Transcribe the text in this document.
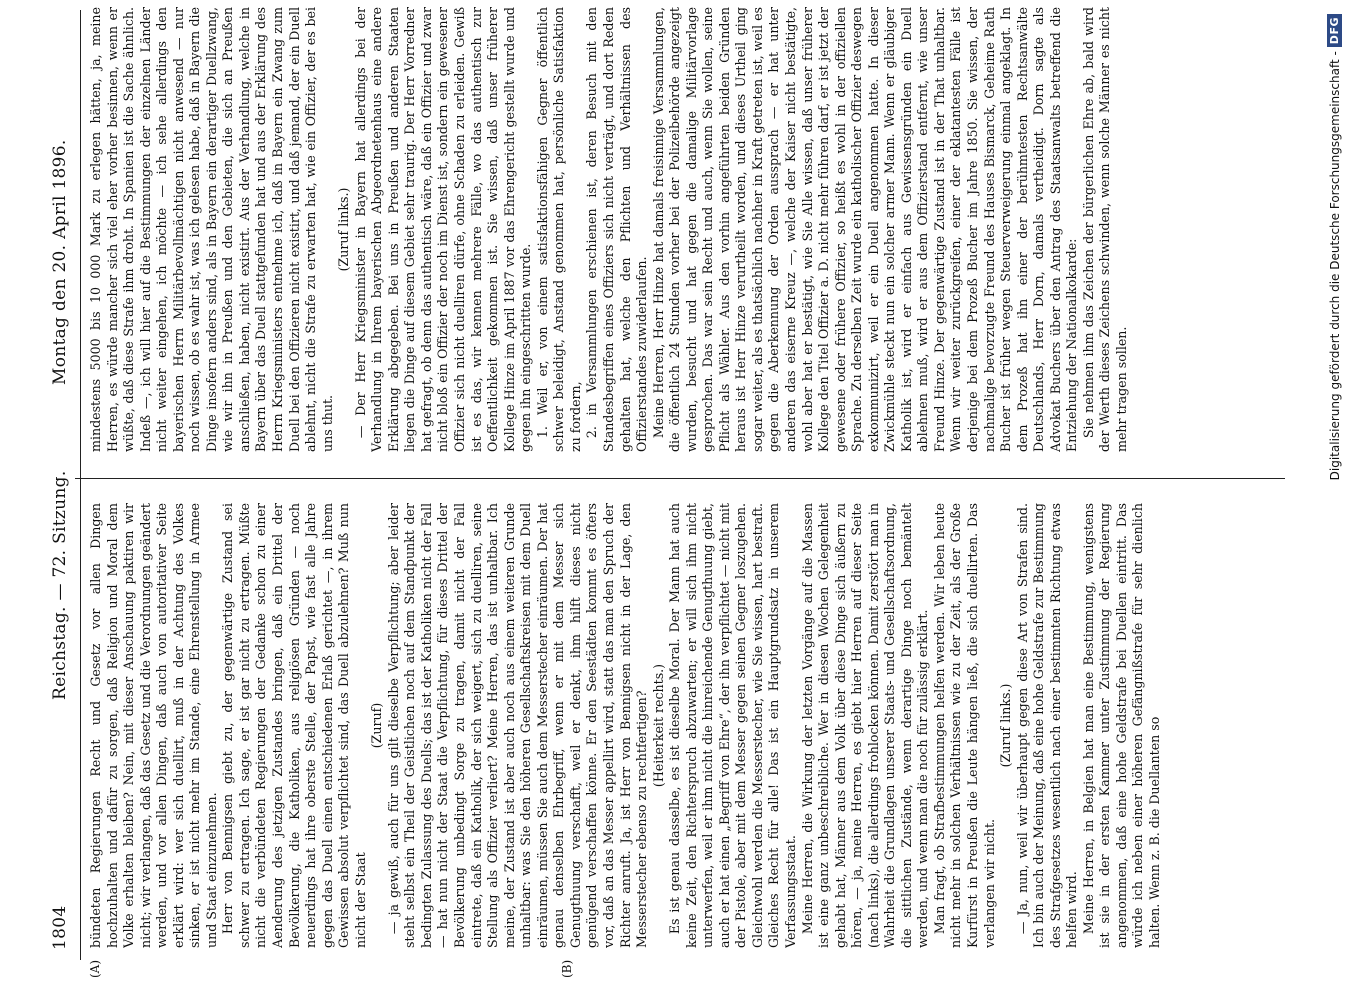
1804
Reichstag. — 72. Sitzung.
Montag den 20. April 1896.
(A)	(B)

bündeten Regierungen Recht und Gesetz vor allen Dingen hochzuhalten und dafür zu sorgen, daß Religion und Moral dem Volke erhalten bleiben? Nein, mit dieser Anschauung paktiren wir nicht; wir verlangen, daß das Gesetz und die Verordnungen geändert werden, und vor allen Dingen, daß auch von autoritativer Seite erklärt wird: wer sich duellirt, muß in der Achtung des Volkes sinken, er ist nicht mehr im Stande, eine Ehrenstellung in Armee und Staat einzunehmen. Herr von Bennigsen giebt zu, der gegenwärtige Zustand sei schwer zu ertragen. Ich sage, er ist gar nicht zu ertragen. Müßte nicht die verbündeten Regierungen der Gedanke schon zu einer Aenderung des jetzigen Zustandes bringen, daß ein Drittel der Bevölkerung, die Katholiken, aus religiösen Gründen — noch neuerdings hat ihre oberste Stelle, der Papst, wie fast alle Jahre gegen das Duell einen entschiedenen Erlaß gerichtet —, in ihrem Gewissen absolut verpflichtet sind, das Duell abzulehnen? Muß nun nicht der Staat

(Zuruf) — ja gewiß, auch für uns gilt dieselbe Verpflichtung; aber leider steht selbst ein Theil der Geistlichen noch auf dem Standpunkt der bedingten Zulassung des Duells; das ist der Katholiken nicht der Fall — hat nun nicht der Staat die Verpflichtung, für dieses Drittel der Bevölkerung unbedingt Sorge zu tragen, damit nicht der Fall eintrete, daß ein Katholik, der sich weigert, sich zu duelliren, seine Stellung als Offizier verliert? Meine Herren, das ist unhaltbar. Ich meine, der Zustand ist aber auch noch aus einem weiteren Grunde unhaltbar: was Sie den höheren Gesellschaftskreisen mit dem Duell einräumen, müssen Sie auch dem Messerstecher einräumen. Der hat genau denselben Ehrbegriff, wenn er mit dem Messer sich Genugthuung verschafft, weil er denkt, ihm hilft dieses nicht genügend verschaffen könne. Er den Seestädten kommt es öfters vor, daß an das Messer appellirt wird, statt das man den Spruch der Richter anruft. Ja, ist Herr von Bennigsen nicht in der Lage, den Messerstecher ebenso zu rechtfertigen? (Heiterkeit rechts.) Es ist genau dasselbe, es ist dieselbe Moral. Der Mann hat auch keine Zeit, den Richterspruch abzuwarten; er will sich ihm nicht unterwerfen, weil er ihm nicht die hinreichende Genugthuung giebt, auch er hat einen „Begriff von Ehre“, der ihn verpflichtet — nicht mit der Pistole, aber mit dem Messer gegen seinen Gegner loszugehen. Gleichwohl werden die Messerstecher, wie Sie wissen, hart bestraft. Gleiches Recht für alle! Das ist ein Hauptgrundsatz in unserem Verfassungsstaat. Meine Herren, die Wirkung der letzten Vorgänge auf die Massen ist eine ganz unbeschreibliche. Wer in diesen Wochen Gelegenheit gehabt hat, Männer aus dem Volk über diese Dinge sich äußern zu hören, — ja, meine Herren, es giebt hier Herren auf dieser Seite (nach links), die allerdings frohlocken können. Damit zerstört man in Wahrheit die Grundlagen unserer Staats- und Gesellschaftsordnung, die sittlichen Zustände, wenn derartige Dinge noch bemäntelt werden, und wenn man die noch für zulässig erklärt. Man fragt, ob Strafbestimmungen helfen werden. Wir leben heute nicht mehr in solchen Verhältnissen wie zu der Zeit, als der Große Kurfürst in Preußen die Leute hängen ließ, die sich duellirten. Das verlangen wir nicht.

(Zuruf links.) — Ja, nun, weil wir überhaupt gegen diese Art von Strafen sind. Ich bin auch der Meinung, daß eine hohe Geldstrafe zur Bestimmung des Strafgesetzes wesentlich nach einer bestimmten Richtung etwas helfen wird. Meine Herren, in Belgien hat man eine Bestimmung, wenigstens ist sie in der ersten Kammer unter Zustimmung der Regierung angenommen, daß eine hohe Geldstrafe bei Duellen eintritt. Das würde ich neben einer höheren Gefängnißstrafe für sehr dienlich halten. Wenn z. B. die Duellanten so

mindestens 5000 bis 10 000 Mark zu erlegen hätten, ja, meine Herren, es würde mancher sich viel eher vorher besinnen, wenn er wüßte, daß diese Strafe ihm droht. In Spanien ist die Sache ähnlich. Indeß —, ich will hier auf die Bestimmungen der einzelnen Länder nicht weiter eingehen, ich möchte — ich sehe allerdings den bayerischen Herrn Militärbevollmächtigen nicht anwesend — nur noch wissen, ob es wahr ist, was ich gelesen habe, daß in Bayern die Dinge insofern anders sind, als in Bayern ein derartiger Duellzwang, wie wir ihn in Preußen und den Gebieten, die sich an Preußen anschließen, haben, nicht existirt. Aus der Verhandlung, welche in Bayern über das Duell stattgefunden hat und aus der Erklärung des Herrn Kriegsministers entnehme ich, daß in Bayern ein Zwang zum Duell bei den Offizieren nicht existirt, und daß jemand, der ein Duell ablehnt, nicht die Strafe zu erwarten hat, wie ein Offizier, der es bei uns thut.

(Zuruf links.) — Der Herr Kriegsminister in Bayern hat allerdings bei der Verhandlung in Ihrem bayerischen Abgeordnetenhaus eine andere Erklärung abgegeben. Bei uns in Preußen und anderen Staaten liegen die Dinge auf diesem Gebiet sehr traurig. Der Herr Vorredner hat gefragt, ob denn das authentisch wäre, daß ein Offizier und zwar nicht bloß ein Offizier der noch im Dienst ist, sondern ein gewesener Offizier sich nicht duelliren dürfe, ohne Schaden zu erleiden. Gewiß ist es das, wir kennen mehrere Fälle, wo das authentisch zur Oeffentlichkeit gekommen ist. Sie wissen, daß unser früherer Kollege Hinze im April 1887 vor das Ehrengericht gestellt wurde und gegen ihn eingeschritten wurde. 1. Weil er, von einem satisfaktionsfähigen Gegner öffentlich schwer beleidigt, Anstand genommen hat, persönliche Satisfaktion zu fordern, 2. in Versammlungen erschienen ist, deren Besuch mit den Standesbegriffen eines Offiziers sich nicht verträgt, und dort Reden gehalten hat, welche den Pflichten und Verhältnissen des Offizierstandes zuwiderlaufen. Meine Herren, Herr Hinze hat damals freisinnige Versammlungen, die öffentlich 24 Stunden vorher bei der Polizeibehörde angezeigt wurden, besucht und hat gegen die damalige Militärvorlage gesprochen. Das war sein Recht und auch, wenn Sie wollen, seine Pflicht als Wähler. Aus den vorhin angeführten beiden Gründen heraus ist Herr Hinze verurtheilt worden, und dieses Urtheil ging sogar weiter, als es thatsächlich nachher in Kraft getreten ist, weil es gegen die Aberkennung der Orden aussprach — er hat unter anderen das eiserne Kreuz —, welche der Kaiser nicht bestätigte, wohl aber hat er bestätigt, wie Sie Alle wissen, daß unser früherer Kollege den Titel Offizier a. D. nicht mehr führen darf, er ist jetzt der gewesene oder frühere Offizier, so heißt es wohl in der offiziellen Sprache. Zu derselben Zeit wurde ein katholischer Offizier deswegen exkommunizirt, weil er ein Duell angenommen hatte. In dieser Zwickmühle steckt nun ein solcher armer Mann. Wenn er gläubiger Katholik ist, wird er einfach aus Gewissensgründen ein Duell ablehnen muß, wird er aus dem Offizierstand entfernt, wie unser Freund Hinze. Der gegenwärtige Zustand ist in der That unhaltbar. Wenn wir weiter zurückgreifen, einer der eklatantesten Fälle ist derjenige bei dem Prozeß Bucher im Jahre 1850. Sie wissen, der nachmalige bevorzugte Freund des Hauses Bismarck, Geheime Rath Bucher ist früher wegen Steuerverweigerung einmal angeklagt. In dem Prozeß hat ihn einer der berühmtesten Rechtsanwälte Deutschlands, Herr Dorn, damals vertheidigt. Dorn sagte als Advokat Buchers über den Antrag des Staatsanwalts betreffend die Entziehung der Nationalkokarde: Sie nehmen ihm das Zeichen der bürgerlichen Ehre ab, bald wird der Werth dieses Zeichens schwinden, wenn solche Männer es nicht mehr tragen sollen.	Digitalisierung gefördert durch die Deutsche Forschungsgemeinschaft -
DFG
